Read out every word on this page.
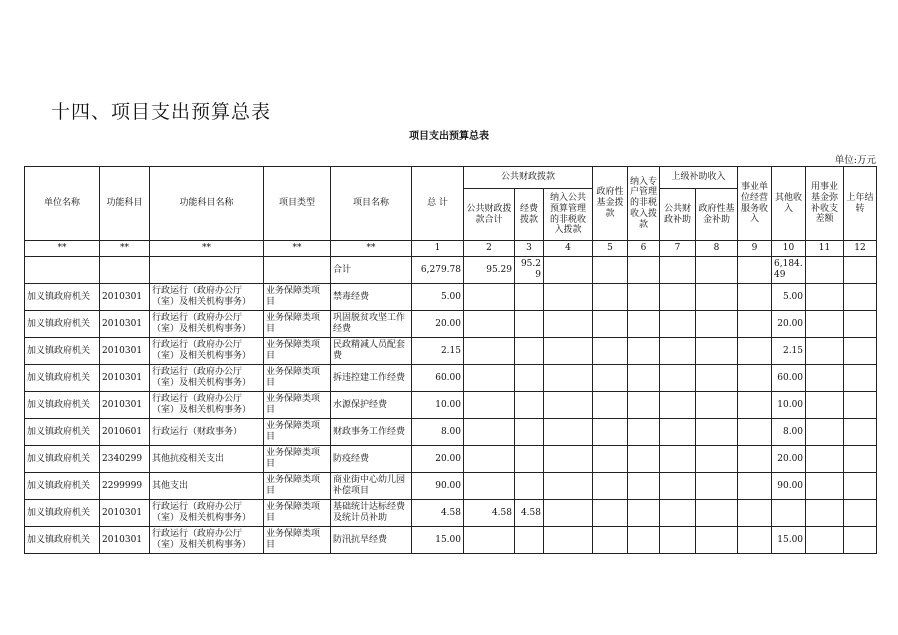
十四、项目支出预算总表
项目支出预算总表
单位:万元
单位名称	功能科目	功能科目名称	项目类型	项目名称	总 计	公共财政拨款			政府性基金拨款	纳入专户管理的非税收入拨款	上级补助收入		事业单位经营服务收入	其他收入	用事业基金弥补收支差额	上年结转
						公共财政拨款合计	经费拨款	纳入公共预算管理的非税收入拨款			公共财政补助	政府性基金补助				
**	**	**	**	**	1	2	3	4	5	6	7	8	9	10	11	12
				合计	6,279.78	95.29	95.29							6,184.49		
加义镇政府机关	2010301	行政运行（政府办公厅（室）及相关机构事务）	业务保障类项目	禁毒经费	5.00									5.00		
加义镇政府机关	2010301	行政运行（政府办公厅（室）及相关机构事务）	业务保障类项目	巩固脱贫攻坚工作经费	20.00									20.00		
加义镇政府机关	2010301	行政运行（政府办公厅（室）及相关机构事务）	业务保障类项目	民政精减人员配套费	2.15									2.15		
加义镇政府机关	2010301	行政运行（政府办公厅（室）及相关机构事务）	业务保障类项目	拆违控建工作经费	60.00									60.00		
加义镇政府机关	2010301	行政运行（政府办公厅（室）及相关机构事务）	业务保障类项目	水源保护经费	10.00									10.00		
加义镇政府机关	2010601	行政运行（财政事务）	业务保障类项目	财政事务工作经费	8.00									8.00		
加义镇政府机关	2340299	其他抗疫相关支出	业务保障类项目	防疫经费	20.00									20.00		
加义镇政府机关	2299999	其他支出	业务保障类项目	商业街中心幼儿园补偿项目	90.00									90.00		
加义镇政府机关	2010301	行政运行（政府办公厅（室）及相关机构事务）	业务保障类项目	基础统计达标经费及统计员补助	4.58	4.58	4.58									
加义镇政府机关	2010301	行政运行（政府办公厅（室）及相关机构事务）	业务保障类项目	防汛抗旱经费	15.00									15.00		
